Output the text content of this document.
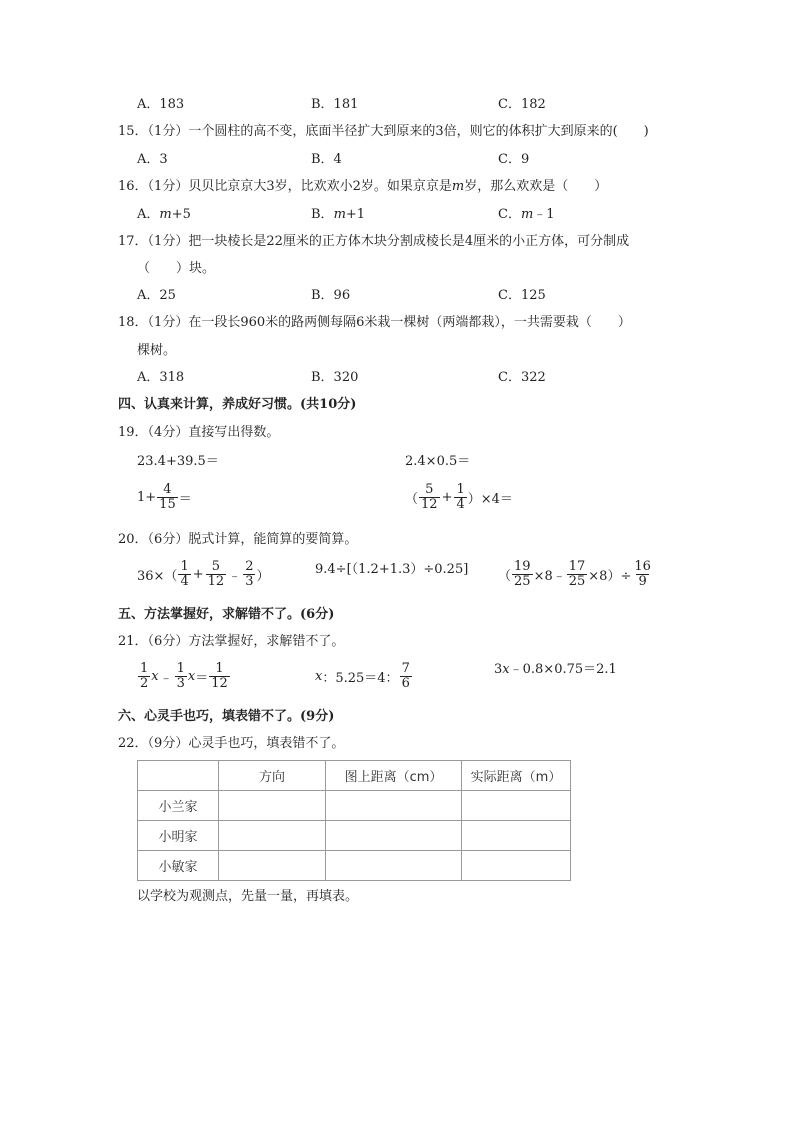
A．183	B．181	C．182
15．（1分）一个圆柱的高不变，底面半径扩大到原来的3倍，则它的体积扩大到原来的(　　)
A．3	B．4	C．9
16．（1分）贝贝比京京大3岁，比欢欢小2岁。如果京京是m岁，那么欢欢是（　　）
A．m+5	B．m+1	C．m﹣1
17．（1分）把一块棱长是22厘米的正方体木块分割成棱长是4厘米的小正方体，可分制成
（　　）块。
A．25	B．96	C．125
18．（1分）在一段长960米的路两侧每隔6米栽一棵树（两端都栽），一共需要栽（　　）
棵树。
A．318	B．320	C．322
四、认真来计算，养成好习惯。(共10分)
19．（4分）直接写出得数。
23.4+39.5＝	2.4×0.5＝
$1+ \frac{4}{15}$ ＝	（ $\frac{5}{12} + \frac{1}{4} )\times 4=$
20．（6分）脱式计算，能简算的要简算。
$36\times( \frac{1}{4} + \frac{5}{12}$ ﹣ $\frac{2}{3}$ ）	9.4÷[（1.2+1.3）÷0.25] （ $\frac{19}{25}$ ×8﹣ $\frac{17}{25} \times 8)\div \frac{16}{9}$
五、方法掌握好，求解错不了。(6分)
21．（6分）方法掌握好，求解错不了。
$\frac{1}{2}$ x ﹣ $\frac{1}{3}$ $x = \frac{1}{12}$	x ：5.25＝4： $\frac{7}{6}$	3x﹣0.8×0.75＝2.1
六、心灵手也巧，填表错不了。(9分)
22．（9分）心灵手也巧，填表错不了。
	方向	图上距离（cm）	实际距离（m）
小兰家			
小明家			
小敏家			
以学校为观测点，先量一量，再填表。
